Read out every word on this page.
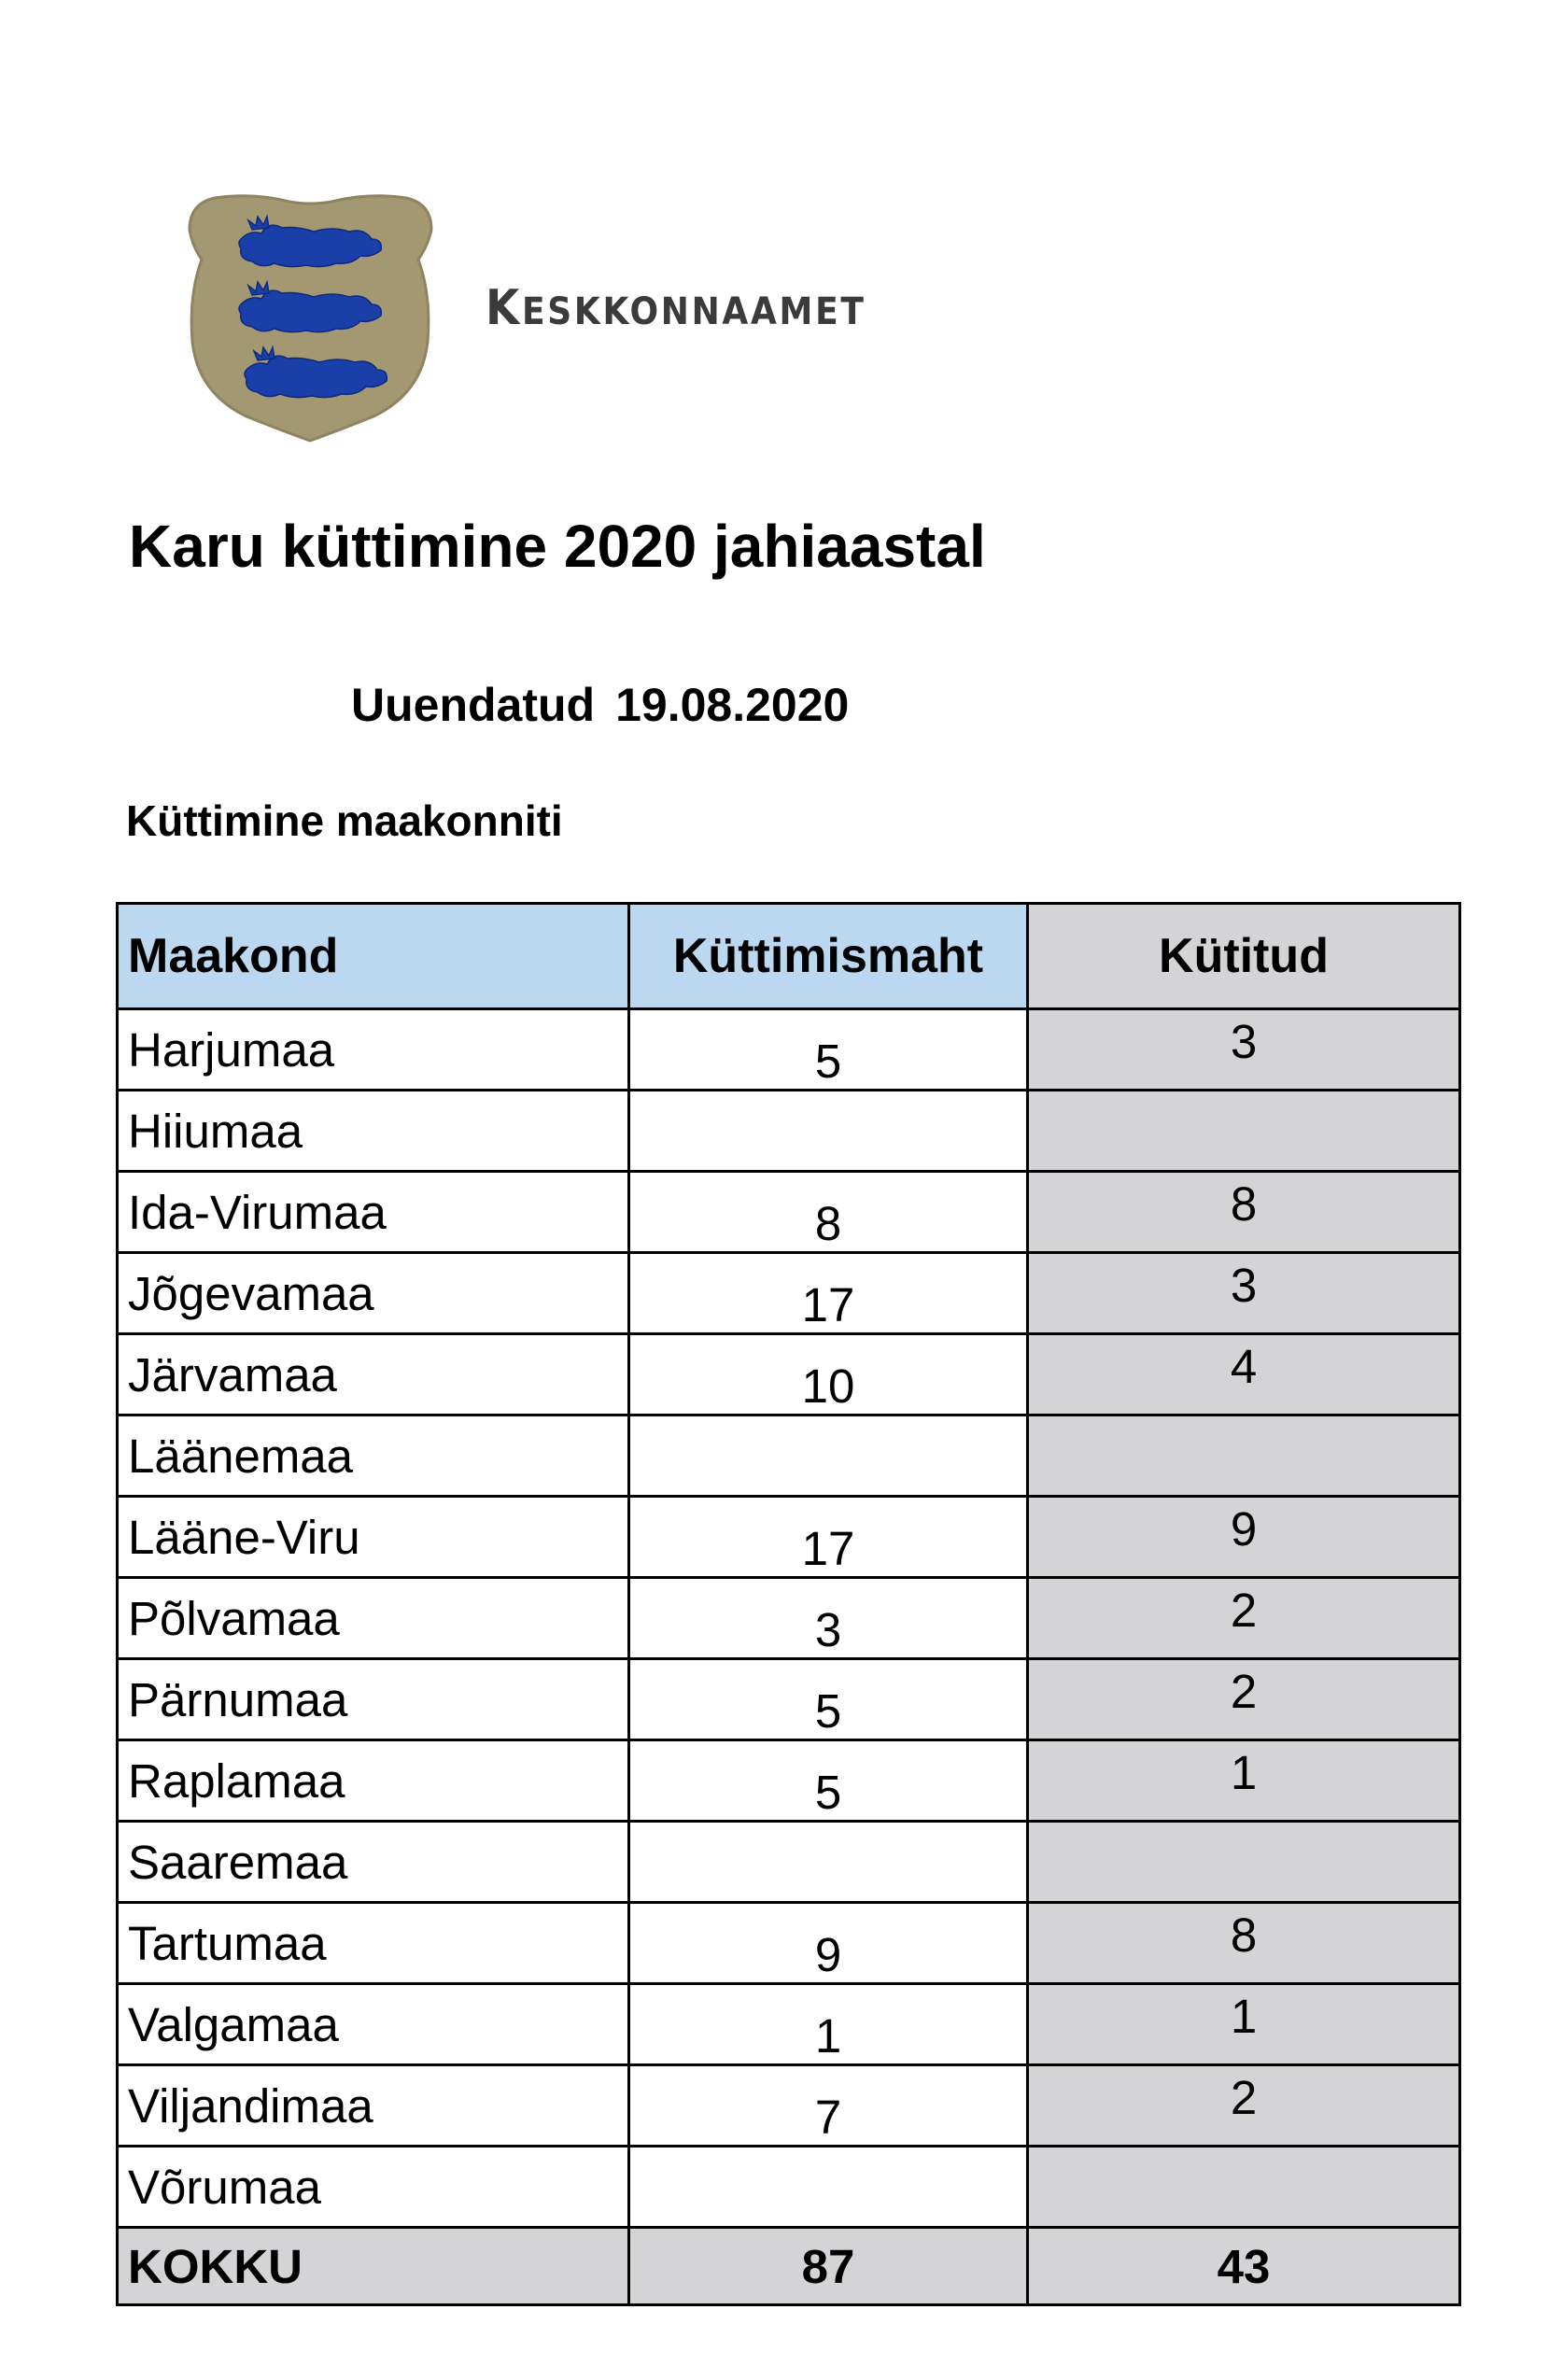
KESKKONNAAMET
Karu küttimine 2020 jahiaastal
Uuendatud 19.08.2020
Küttimine maakonniti
Maakond	Küttimismaht	Kütitud
Harjumaa	5	3
Hiiumaa		
Ida-Virumaa	8	8
Jõgevamaa	17	3
Järvamaa	10	4
Läänemaa		
Lääne-Viru	17	9
Põlvamaa	3	2
Pärnumaa	5	2
Raplamaa	5	1
Saaremaa		
Tartumaa	9	8
Valgamaa	1	1
Viljandimaa	7	2
Võrumaa		
KOKKU	87	43
